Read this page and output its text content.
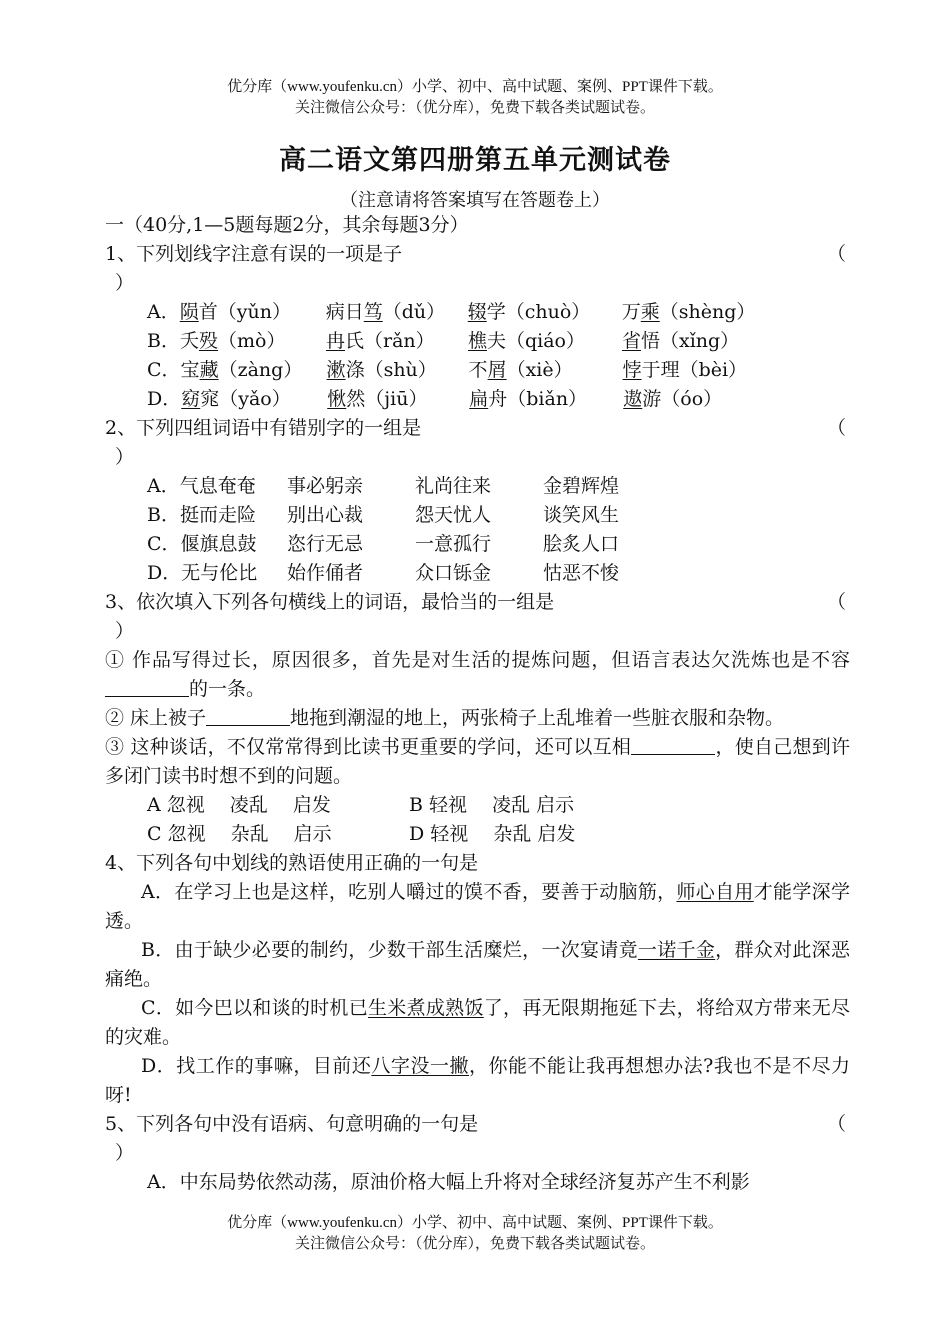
优分库（www.youfenku.cn）小学、初中、高中试题、案例、PPT课件下载。
关注微信公众号：（优分库），免费下载各类试题试卷。
高二语文第四册第五单元测试卷
（注意请将答案填写在答题卷上）
一（40分,1—5题每题2分，其余每题3分）
1、下列划线字注意有误的一项是子	（
）
A．陨首（yǔn） 病日笃（dǔ） 辍学（chuò） 万乘（shèng）
B．夭殁（mò） 冉氏（rǎn） 樵夫（qiáo） 省悟（xǐng）
C．宝藏（zàng） 漱涤（shù） 不屑（xiè）	悖于理（bèi）
D．窈窕（yǎo） 愀然（jiū） 扁舟（biǎn） 遨游（óo）
2、下列四组词语中有错别字的一组是	（
）
A．气息奄奄 事必躬亲	礼尚往来	金碧辉煌
B．挺而走险 别出心裁	怨天忧人	谈笑风生
C．偃旗息鼓 恣行无忌	一意孤行	脍炙人口
D．无与伦比 始作俑者	众口铄金	怙恶不悛
3、依次填入下列各句横线上的词语，最恰当的一组是	（
）
① 作品写得过长，原因很多，首先是对生活的提炼问题，但语言表达欠洗炼也是不容的一条。
② 床上被子	地拖到潮湿的地上，两张椅子上乱堆着一些脏衣服和杂物。
③ 这种谈话，不仅常常得到比读书更重要的学问，还可以互相	，使自己想到许多闭门读书时想不到的问题。
A 忽视　 凌乱　 启发	B 轻视　 凌乱 启示
C 忽视　 杂乱　 启示	D 轻视　 杂乱 启发
4、下列各句中划线的熟语使用正确的一句是
A．在学习上也是这样，吃别人嚼过的馍不香，要善于动脑筋，师心自用才能学深学透。
B．由于缺少必要的制约，少数干部生活糜烂，一次宴请竟一诺千金，群众对此深恶痛绝。
C．如今巴以和谈的时机已生米煮成熟饭了，再无限期拖延下去，将给双方带来无尽的灾难。
D．找工作的事嘛，目前还八字没一撇，你能不能让我再想想办法?我也不是不尽力呀!
5、下列各句中没有语病、句意明确的一句是	（
）
A．中东局势依然动荡，原油价格大幅上升将对全球经济复苏产生不利影
优分库（www.youfenku.cn）小学、初中、高中试题、案例、PPT课件下载。
关注微信公众号：（优分库），免费下载各类试题试卷。
